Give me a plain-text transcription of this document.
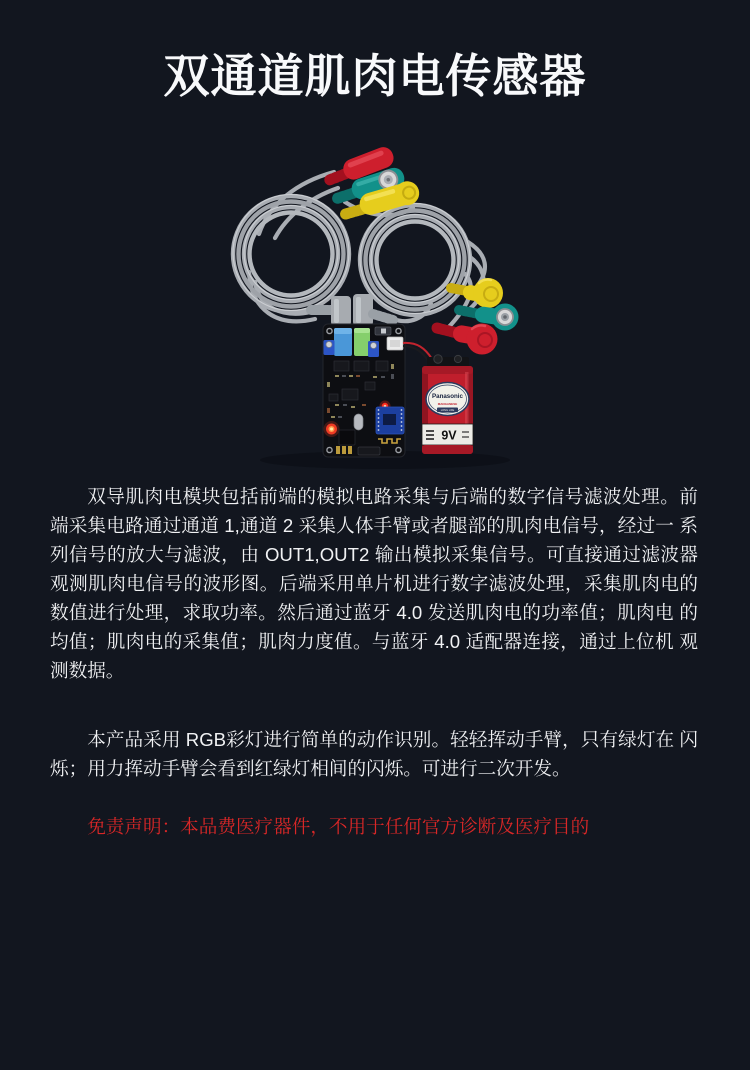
双通道肌肉电传感器
Panasonic
MANGANESE
LONG LIFE
9V

双导肌肉电模块包括前端的模拟电路采集与后端的数字信号滤波处理。前端采集电路通过通道 1,通道 2 采集人体手臂或者腿部的肌肉电信号，经过一 系列信号的放大与滤波，由 OUT1,OUT2 输出模拟采集信号。可直接通过滤波器观测肌肉电信号的波形图。后端采用单片机进行数字滤波处理，采集肌肉电的数值进行处理，求取功率。然后通过蓝牙 4.0 发送肌肉电的功率值；肌肉电 的均值；肌肉电的采集值；肌肉力度值。与蓝牙 4.0 适配器连接，通过上位机 观测数据。

本产品采用 RGB彩灯进行简单的动作识别。轻轻挥动手臂，只有绿灯在 闪烁；用力挥动手臂会看到红绿灯相间的闪烁。可进行二次开发。

免责声明：本品费医疗器件，不用于任何官方诊断及医疗目的
